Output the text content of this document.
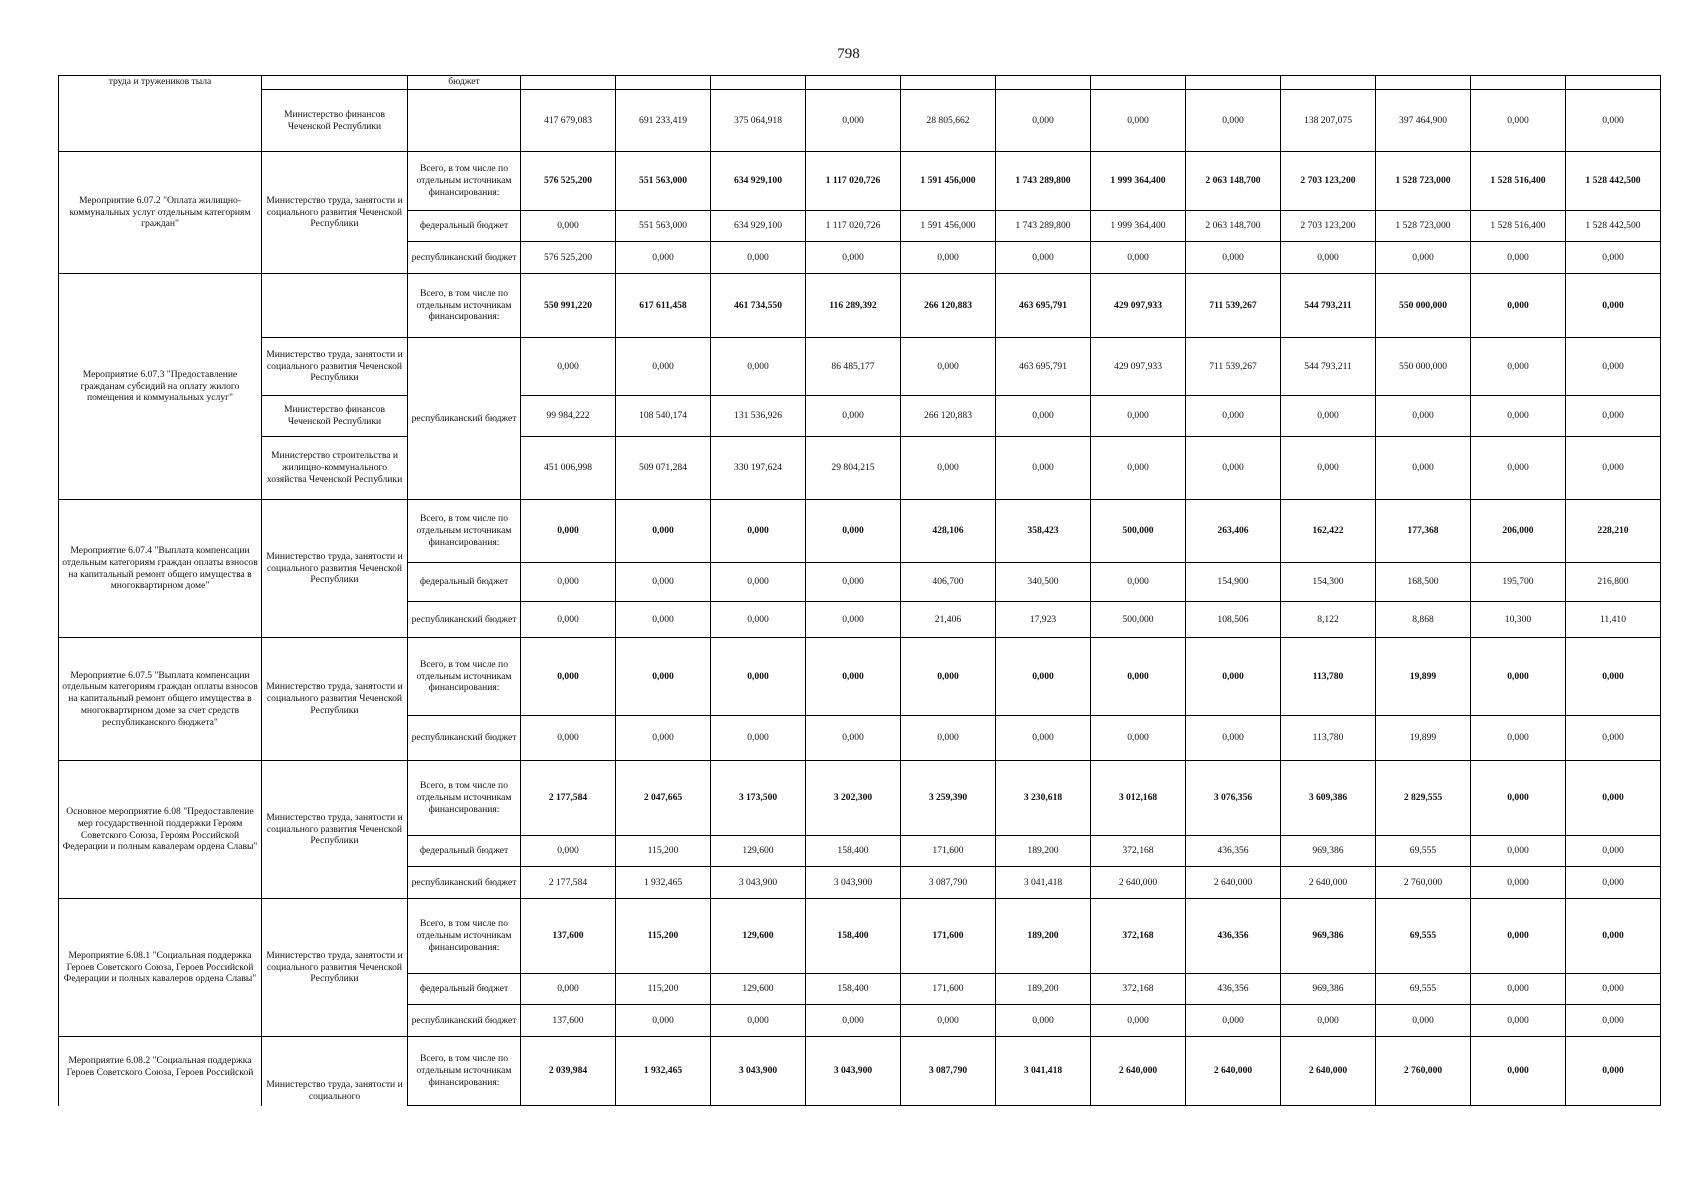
798
труда и тружеников тыла		бюджет												
	Министерство финансов Чеченской Республики		417 679,083	691 233,419	375 064,918	0,000	28 805,662	0,000	0,000	0,000	138 207,075	397 464,900	0,000	0,000
Мероприятие 6.07.2 "Оплата жилищно-коммунальных услуг отдельным категориям граждан"	Министерство труда, занятости и социального развития Чеченской Республики	Всего, в том числе по отдельным источникам финансирования:	576 525,200	551 563,000	634 929,100	1 117 020,726	1 591 456,000	1 743 289,800	1 999 364,400	2 063 148,700	2 703 123,200	1 528 723,000	1 528 516,400	1 528 442,500
		федеральный бюджет	0,000	551 563,000	634 929,100	1 117 020,726	1 591 456,000	1 743 289,800	1 999 364,400	2 063 148,700	2 703 123,200	1 528 723,000	1 528 516,400	1 528 442,500
		республиканский бюджет	576 525,200	0,000	0,000	0,000	0,000	0,000	0,000	0,000	0,000	0,000	0,000	0,000
Мероприятие 6.07.3 "Предоставление гражданам субсидий на оплату жилого помещения и коммунальных услуг"		Всего, в том числе по отдельным источникам финансирования:	550 991,220	617 611,458	461 734,550	116 289,392	266 120,883	463 695,791	429 097,933	711 539,267	544 793,211	550 000,000	0,000	0,000
	Министерство труда, занятости и социального развития Чеченской Республики	республиканский бюджет	0,000	0,000	0,000	86 485,177	0,000	463 695,791	429 097,933	711 539,267	544 793,211	550 000,000	0,000	0,000
	Министерство финансов Чеченской Республики		99 984,222	108 540,174	131 536,926	0,000	266 120,883	0,000	0,000	0,000	0,000	0,000	0,000	0,000
	Министерство строительства и жилищно-коммунального хозяйства Чеченской Республики		451 006,998	509 071,284	330 197,624	29 804,215	0,000	0,000	0,000	0,000	0,000	0,000	0,000	0,000
Мероприятие 6.07.4 "Выплата компенсации отдельным категориям граждан оплаты взносов на капитальный ремонт общего имущества в многоквартирном доме"	Министерство труда, занятости и социального развития Чеченской Республики	Всего, в том числе по отдельным источникам финансирования:	0,000	0,000	0,000	0,000	428,106	358,423	500,000	263,406	162,422	177,368	206,000	228,210
		федеральный бюджет	0,000	0,000	0,000	0,000	406,700	340,500	0,000	154,900	154,300	168,500	195,700	216,800
		республиканский бюджет	0,000	0,000	0,000	0,000	21,406	17,923	500,000	108,506	8,122	8,868	10,300	11,410
Мероприятие 6.07.5 "Выплата компенсации отдельным категориям граждан оплаты взносов на капитальный ремонт общего имущества в многоквартирном доме за счет средств республиканского бюджета"	Министерство труда, занятости и социального развития Чеченской Республики	Всего, в том числе по отдельным источникам финансирования:	0,000	0,000	0,000	0,000	0,000	0,000	0,000	0,000	113,780	19,899	0,000	0,000
		республиканский бюджет	0,000	0,000	0,000	0,000	0,000	0,000	0,000	0,000	113,780	19,899	0,000	0,000
Основное мероприятие 6.08 "Предоставление мер государственной поддержки Героям Советского Союза, Героям Российской Федерации и полным кавалерам ордена Славы"	Министерство труда, занятости и социального развития Чеченской Республики	Всего, в том числе по отдельным источникам финансирования:	2 177,584	2 047,665	3 173,500	3 202,300	3 259,390	3 230,618	3 012,168	3 076,356	3 609,386	2 829,555	0,000	0,000
		федеральный бюджет	0,000	115,200	129,600	158,400	171,600	189,200	372,168	436,356	969,386	69,555	0,000	0,000
		республиканский бюджет	2 177,584	1 932,465	3 043,900	3 043,900	3 087,790	3 041,418	2 640,000	2 640,000	2 640,000	2 760,000	0,000	0,000
Мероприятие 6.08.1 "Социальная поддержка Героев Советского Союза, Героев Российской Федерации и полных кавалеров ордена Славы"	Министерство труда, занятости и социального развития Чеченской Республики	Всего, в том числе по отдельным источникам финансирования:	137,600	115,200	129,600	158,400	171,600	189,200	372,168	436,356	969,386	69,555	0,000	0,000
		федеральный бюджет	0,000	115,200	129,600	158,400	171,600	189,200	372,168	436,356	969,386	69,555	0,000	0,000
		республиканский бюджет	137,600	0,000	0,000	0,000	0,000	0,000	0,000	0,000	0,000	0,000	0,000	0,000
Мероприятие 6.08.2 "Социальная поддержка Героев Советского Союза, Героев Российской	Министерство труда, занятости и социального	Всего, в том числе по отдельным источникам финансирования:	2 039,984	1 932,465	3 043,900	3 043,900	3 087,790	3 041,418	2 640,000	2 640,000	2 640,000	2 760,000	0,000	0,000
